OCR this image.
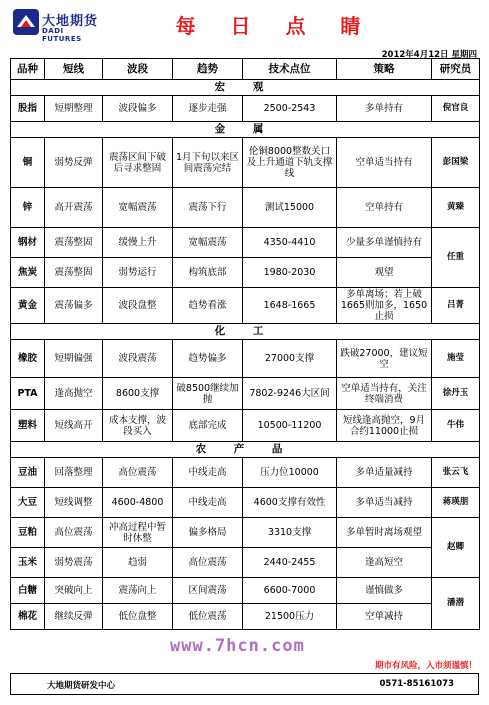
大地期货
DADI FUTURES
每 日 点 睛
2012年4月12日 星期四
品种	短线	波段	趋势	技术点位	策略	研究员
宏 观						
股指	短期整理	波段偏多	逐步走强	2500-2543	多单持有	倪官良
金 属						
铜	弱势反弹	震荡区间下破后寻求整固	1月下旬以来区间震荡完结	伦铜8000整数关口及上升通道下轨支撑线	空单适当持有	彭国梁
锌	高开震荡	宽幅震荡	震荡下行	测试15000	空单持有	黄臻
钢材	震荡整固	缓慢上升	宽幅震荡	4350-4410	少量多单谨慎持有	任重
焦炭	震荡整固	弱势运行	构筑底部	1980-2030	观望	
黄金	震荡偏多	波段盘整	趋势看涨	1648-1665	多单离场；若上破1665则加多，1650止损	吕菁
化 工						
橡胶	短期偏强	波段震荡	趋势偏多	27000支撑	跌破27000，建议短空	施莹
PTA	逢高抛空	8600支撑	破8500继续加抛	7802-9246大区间	空单适当持有，关注终端消费	徐丹玉
塑料	短线高开	成本支撑，波段买入	底部完成	10500-11200	短线逢高抛空，9月合约11000止损	牛伟
农 产 品						
豆油	回落整理	高位震荡	中线走高	压力位10000	多单适量减持	张云飞
大豆	短线调整	4600-4800	中线走高	4600支撑有效性	多单适当减持	蒋瑛朋
豆粕	高位震荡	冲高过程中暂时休整	偏多格局	3310支撑	多单暂时离场观望	赵卿
玉米	弱势震荡	趋弱	高位震荡	2440-2455	逢高短空	
白糖	突破向上	震荡向上	区间震荡	6600-7000	谨慎做多	潘潜
棉花	继续反弹	低位盘整	低位震荡	21500压力	空单减持	
www.7hcn.com
期市有风险，入市须谨慎！
大地期货研发中心	0571-85161073
